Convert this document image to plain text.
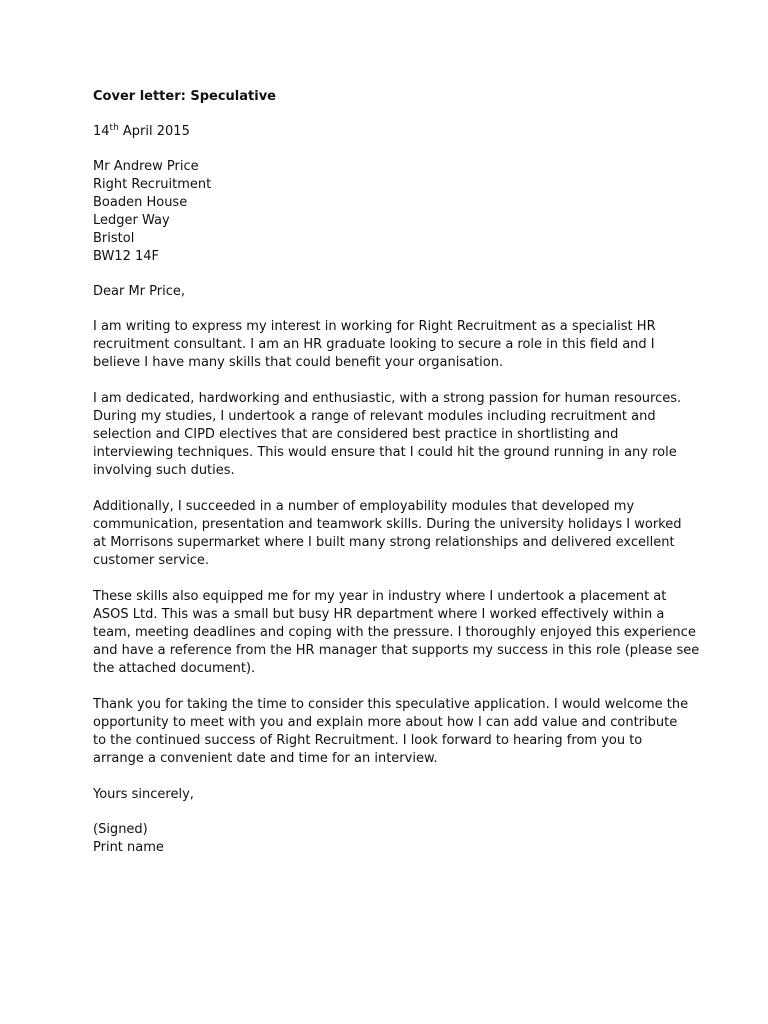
Cover letter: Speculative
14th April 2015
Mr Andrew Price
Right Recruitment
Boaden House
Ledger Way
Bristol
BW12 14F
Dear Mr Price,
I am writing to express my interest in working for Right Recruitment as a specialist HR
recruitment consultant. I am an HR graduate looking to secure a role in this field and I
believe I have many skills that could benefit your organisation.
I am dedicated, hardworking and enthusiastic, with a strong passion for human resources.
During my studies, I undertook a range of relevant modules including recruitment and
selection and CIPD electives that are considered best practice in shortlisting and
interviewing techniques. This would ensure that I could hit the ground running in any role
involving such duties.
Additionally, I succeeded in a number of employability modules that developed my
communication, presentation and teamwork skills. During the university holidays I worked
at Morrisons supermarket where I built many strong relationships and delivered excellent
customer service.
These skills also equipped me for my year in industry where I undertook a placement at
ASOS Ltd. This was a small but busy HR department where I worked effectively within a
team, meeting deadlines and coping with the pressure. I thoroughly enjoyed this experience
and have a reference from the HR manager that supports my success in this role (please see
the attached document).
Thank you for taking the time to consider this speculative application. I would welcome the
opportunity to meet with you and explain more about how I can add value and contribute
to the continued success of Right Recruitment. I look forward to hearing from you to
arrange a convenient date and time for an interview.
Yours sincerely,
(Signed)
Print name
